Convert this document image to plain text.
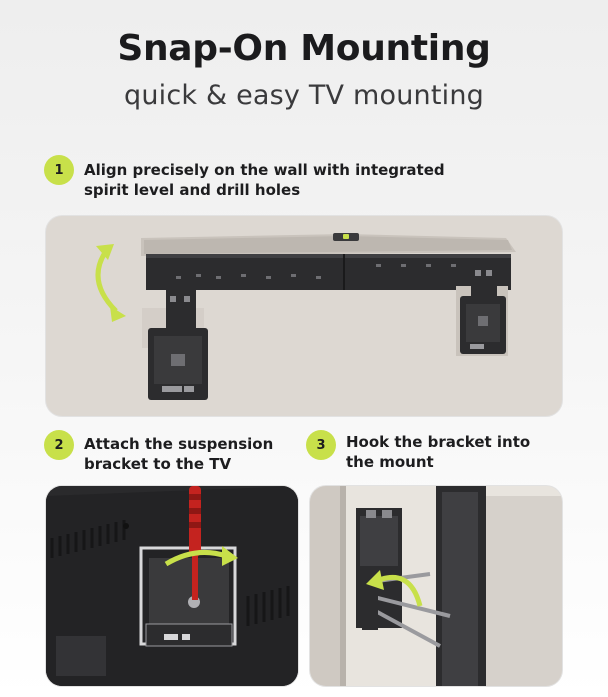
Snap-On Mounting
quick & easy TV mounting
1	Align precisely on the wall with integrated
spirit level and drill holes
2	Attach the suspension
bracket to the TV
3	Hook the bracket into
the mount
